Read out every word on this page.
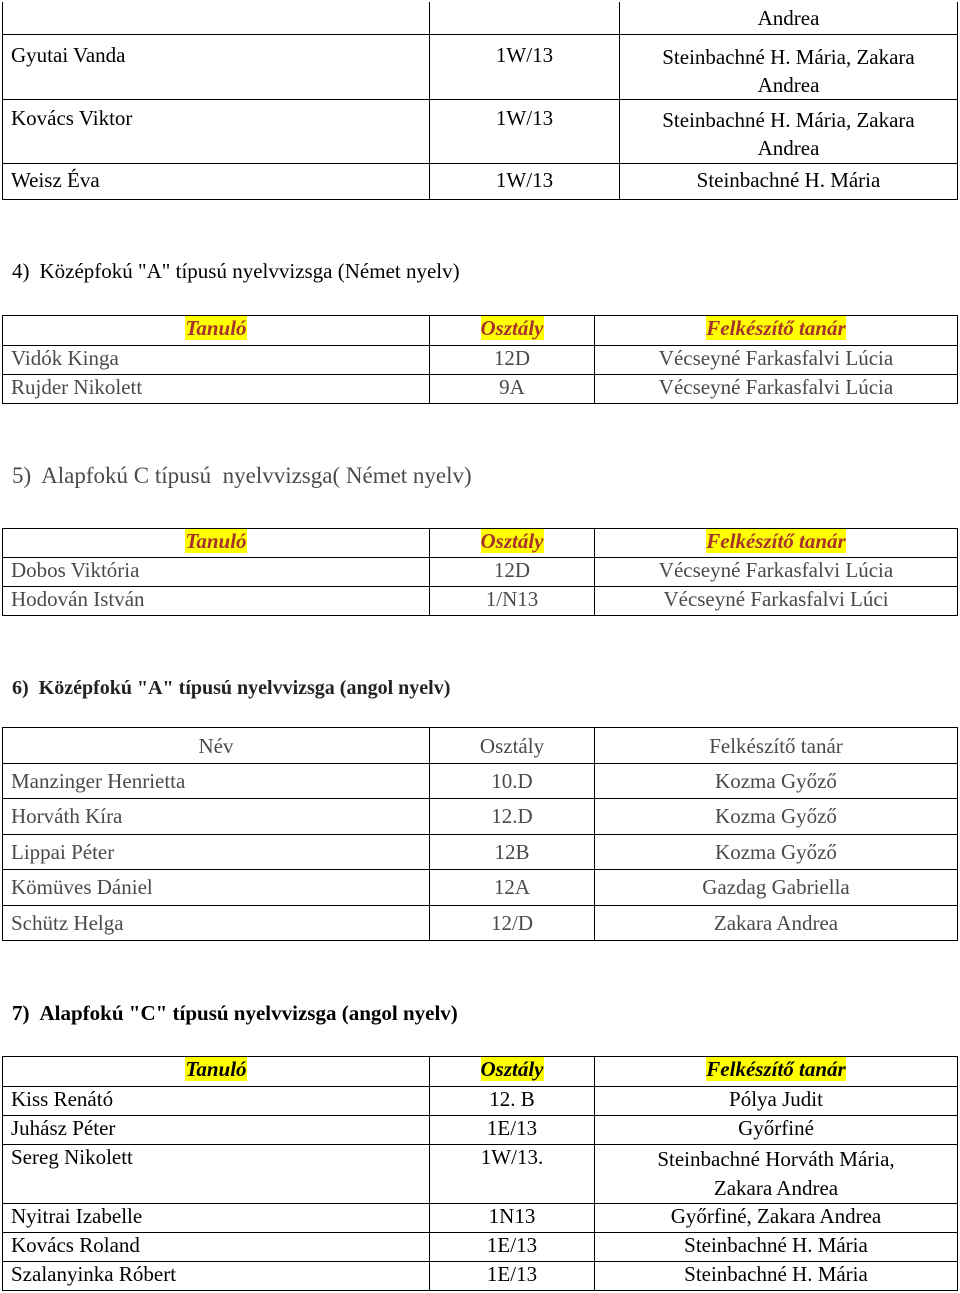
		Andrea

Gyutai Vanda	1W/13	Steinbachné H. Mária, Zakara
Andrea

Kovács Viktor	1W/13	Steinbachné H. Mária, Zakara
Andrea

Weisz Éva	1W/13	Steinbachné H. Mária

4) Középfokú "A" típusú nyelvvizsga (Német nyelv)

Tanuló	Osztály	Felkészítő tanár
Vidók Kinga	12D	Vécseyné Farkasfalvi Lúcia
Rujder Nikolett	9A	Vécseyné Farkasfalvi Lúcia

5) Alapfokú C típusú  nyelvvizsga( Német nyelv)

Tanuló	Osztály	Felkészítő tanár
Dobos Viktória	12D	Vécseyné Farkasfalvi Lúcia
Hodován István	1/N13	Vécseyné Farkasfalvi Lúci

6) Középfokú "A" típusú nyelvvizsga (angol nyelv)

Név	Osztály	Felkészítő tanár
Manzinger Henrietta	10.D	Kozma Győző
Horváth Kíra	12.D	Kozma Győző
Lippai Péter	12B	Kozma Győző
Kömüves Dániel	12A	Gazdag Gabriella
Schütz Helga	12/D	Zakara Andrea

7) Alapfokú "C" típusú nyelvvizsga (angol nyelv)

Tanuló	Osztály	Felkészítő tanár
Kiss Renátó	12. B	Pólya Judit
Juhász Péter	1E/13	Győrfiné
Sereg Nikolett	1W/13.	Steinbachné Horváth Mária,
Zakara Andrea

Nyitrai Izabelle	1N13	Győrfiné, Zakara Andrea
Kovács Roland	1E/13	Steinbachné H. Mária
Szalanyinka Róbert	1E/13	Steinbachné H. Mária
